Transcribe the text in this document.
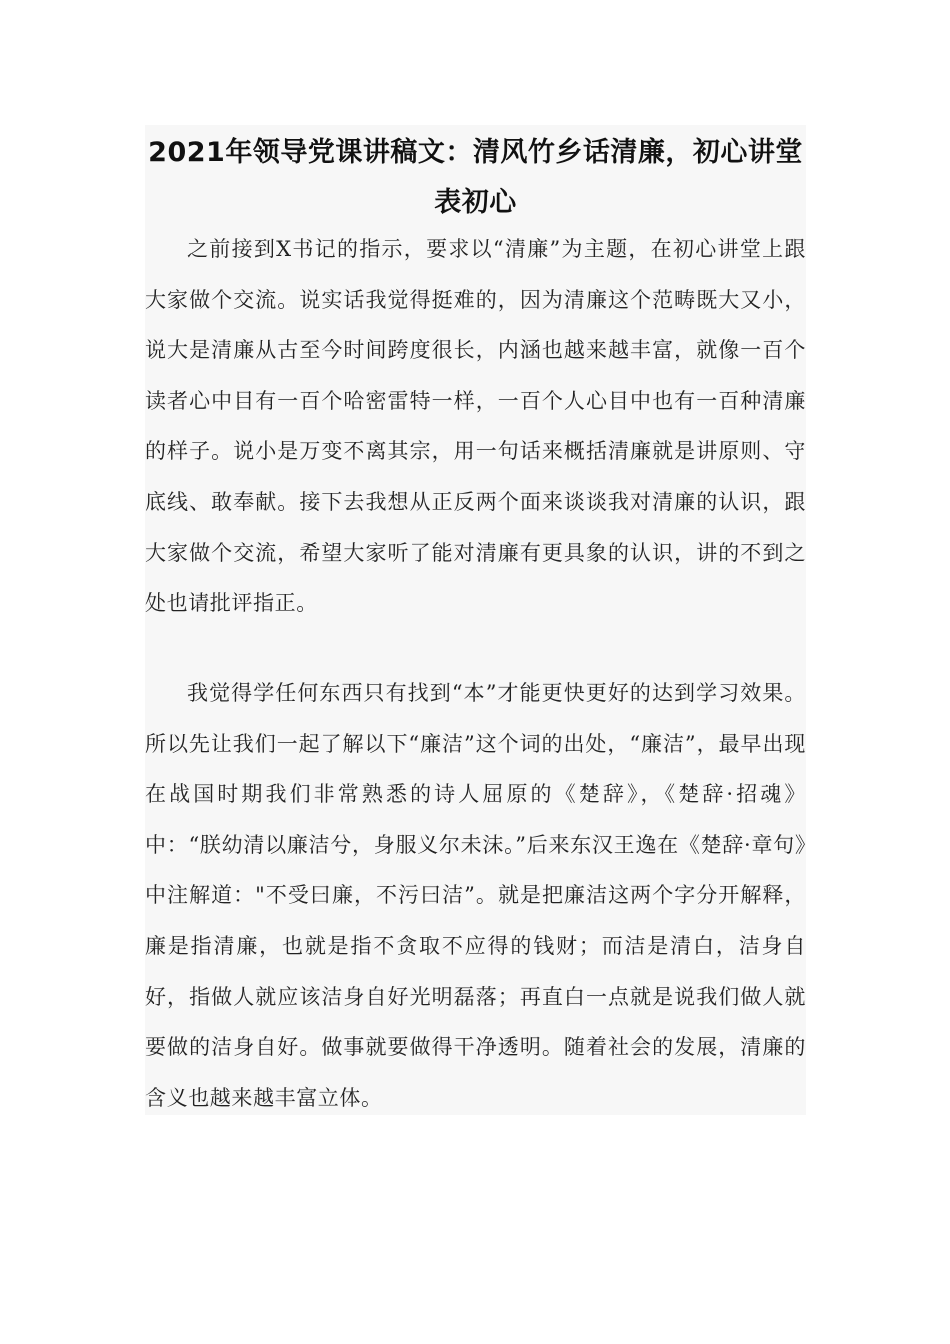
2021年领导党课讲稿文：清风竹乡话清廉，初心讲堂表初心

之前接到X书记的指示，要求以“清廉”为主题，在初心讲堂上跟大家做个交流。说实话我觉得挺难的，因为清廉这个范畴既大又小，说大是清廉从古至今时间跨度很长，内涵也越来越丰富，就像一百个读者心中目有一百个哈密雷特一样，一百个人心目中也有一百种清廉的样子。说小是万变不离其宗，用一句话来概括清廉就是讲原则、守底线、敢奉献。接下去我想从正反两个面来谈谈我对清廉的认识，跟大家做个交流，希望大家听了能对清廉有更具象的认识，讲的不到之处也请批评指正。

我觉得学任何东西只有找到“本”才能更快更好的达到学习效果。所以先让我们一起了解以下“廉洁”这个词的出处，“廉洁”，最早出现在战国时期我们非常熟悉的诗人屈原的《楚辞》，《楚辞·招魂》中：“朕幼清以廉洁兮，身服义尔未沫。”后来东汉王逸在《楚辞·章句》中注解道："不受曰廉，不污曰洁”。就是把廉洁这两个字分开解释，廉是指清廉，也就是指不贪取不应得的钱财；而洁是清白，洁身自好，指做人就应该洁身自好光明磊落；再直白一点就是说我们做人就要做的洁身自好。做事就要做得干净透明。随着社会的发展，清廉的含义也越来越丰富立体。
